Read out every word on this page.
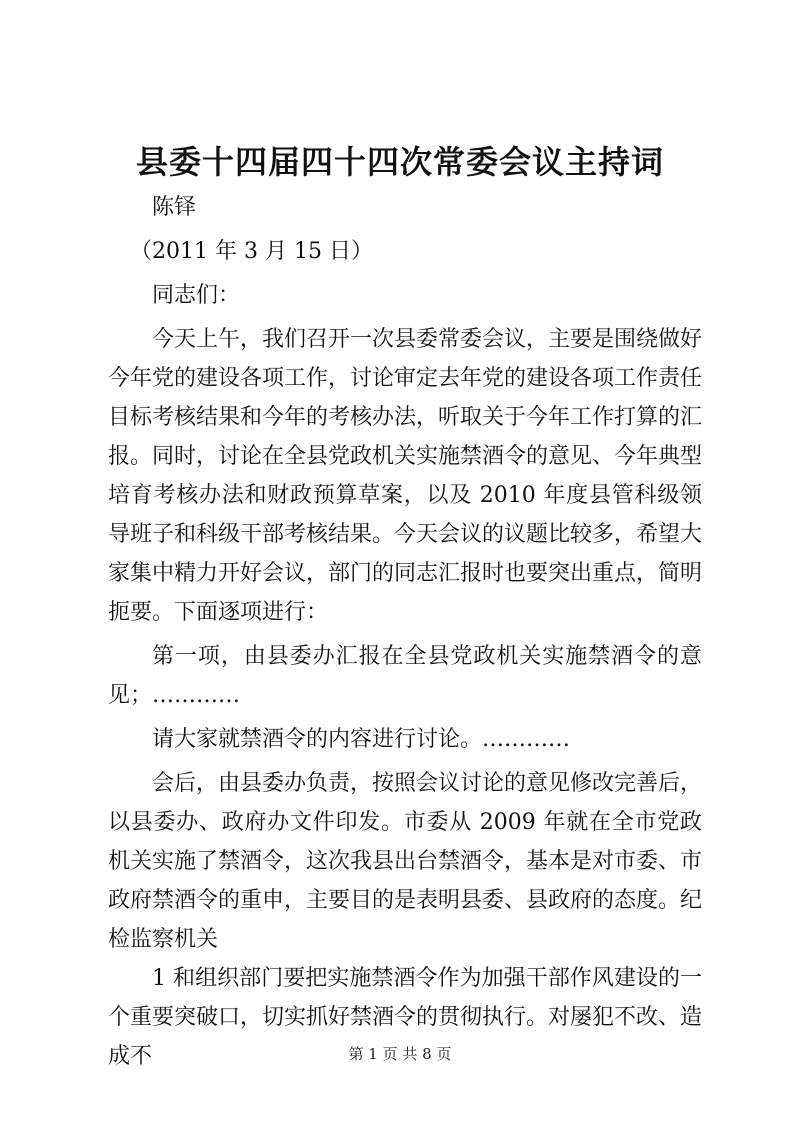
县委十四届四十四次常委会议主持词

陈铎

（2011 年 3 月 15 日）

同志们：

今天上午，我们召开一次县委常委会议，主要是围绕做好今年党的建设各项工作，讨论审定去年党的建设各项工作责任目标考核结果和今年的考核办法，听取关于今年工作打算的汇报。同时，讨论在全县党政机关实施禁酒令的意见、今年典型培育考核办法和财政预算草案，以及 2010 年度县管科级领导班子和科级干部考核结果。今天会议的议题比较多，希望大家集中精力开好会议，部门的同志汇报时也要突出重点，简明扼要。下面逐项进行：

第一项，由县委办汇报在全县党政机关实施禁酒令的意见；…………

请大家就禁酒令的内容进行讨论。…………

会后，由县委办负责，按照会议讨论的意见修改完善后，以县委办、政府办文件印发。市委从 2009 年就在全市党政机关实施了禁酒令，这次我县出台禁酒令，基本是对市委、市政府禁酒令的重申，主要目的是表明县委、县政府的态度。纪检监察机关

1 和组织部门要把实施禁酒令作为加强干部作风建设的一个重要突破口，切实抓好禁酒令的贯彻执行。对屡犯不改、造成不	第 1 页 共 8 页
